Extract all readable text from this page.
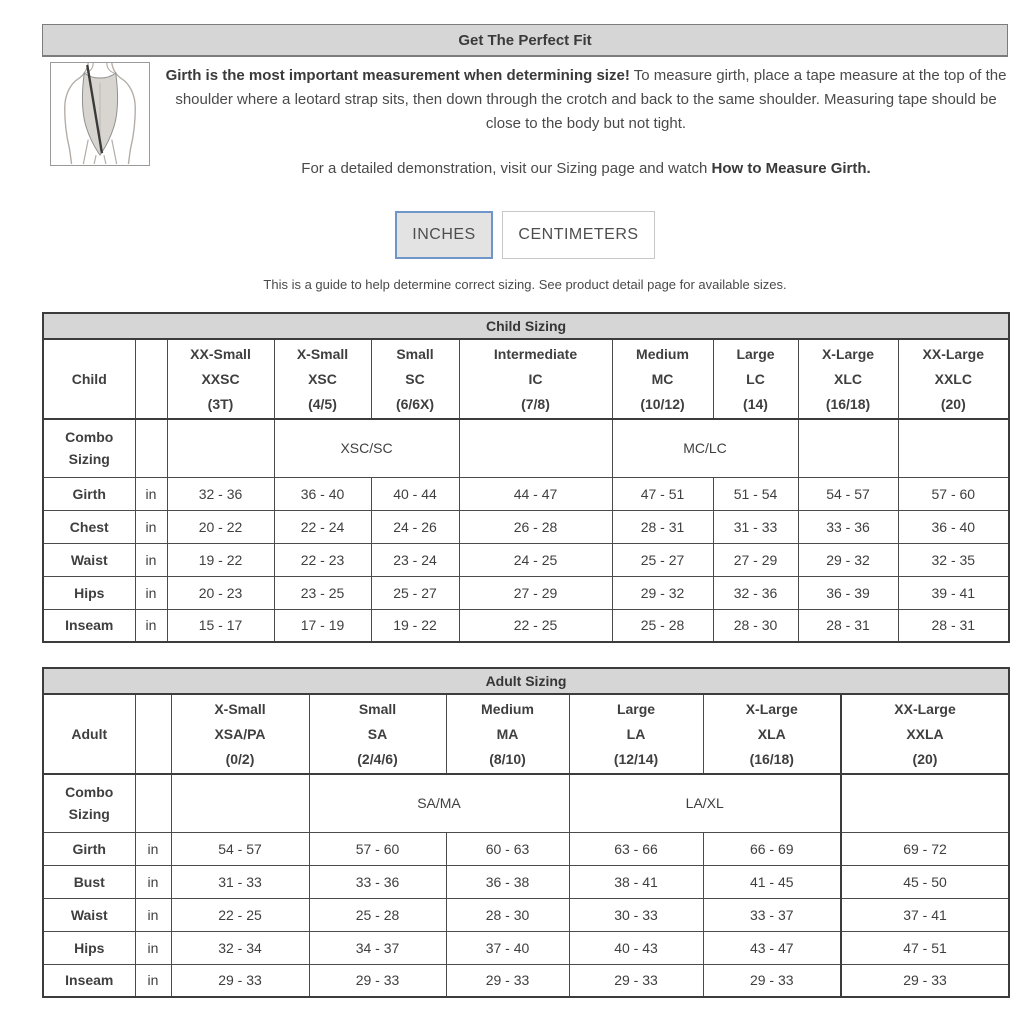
Get The Perfect Fit

Girth is the most important measurement when determining size! To measure girth, place a tape measure at the top of the shoulder where a leotard strap sits, then down through the crotch and back to the same shoulder. Measuring tape should be close to the body but not tight.

For a detailed demonstration, visit our Sizing page and watch How to Measure Girth.

INCHES	CENTIMETERS
This is a guide to help determine correct sizing. See product detail page for available sizes.
Child Sizing									
Child		XX-Small
XXSC
(3T)	X-Small
XSC
(4/5)	Small
SC
(6/6X)	Intermediate
IC
(7/8)	Medium
MC
(10/12)	Large
LC
(14)	X-Large
XLC
(16/18)	XX-Large
XXLC
(20)

Combo
Sizing			XSC/SC			MC/LC			
Girth	in	32 - 36	36 - 40	40 - 44	44 - 47	47 - 51	51 - 54	54 - 57	57 - 60
Chest	in	20 - 22	22 - 24	24 - 26	26 - 28	28 - 31	31 - 33	33 - 36	36 - 40
Waist	in	19 - 22	22 - 23	23 - 24	24 - 25	25 - 27	27 - 29	29 - 32	32 - 35
Hips	in	20 - 23	23 - 25	25 - 27	27 - 29	29 - 32	32 - 36	36 - 39	39 - 41
Inseam	in	15 - 17	17 - 19	19 - 22	22 - 25	25 - 28	28 - 30	28 - 31	28 - 31
Adult Sizing							
Adult		X-Small
XSA/PA
(0/2)	Small
SA
(2/4/6)	Medium
MA
(8/10)	Large
LA
(12/14)	X-Large
XLA
(16/18)	XX-Large
XXLA
(20)

Combo
Sizing			SA/MA		LA/XL		
Girth	in	54 - 57	57 - 60	60 - 63	63 - 66	66 - 69	69 - 72
Bust	in	31 - 33	33 - 36	36 - 38	38 - 41	41 - 45	45 - 50
Waist	in	22 - 25	25 - 28	28 - 30	30 - 33	33 - 37	37 - 41
Hips	in	32 - 34	34 - 37	37 - 40	40 - 43	43 - 47	47 - 51
Inseam	in	29 - 33	29 - 33	29 - 33	29 - 33	29 - 33	29 - 33
